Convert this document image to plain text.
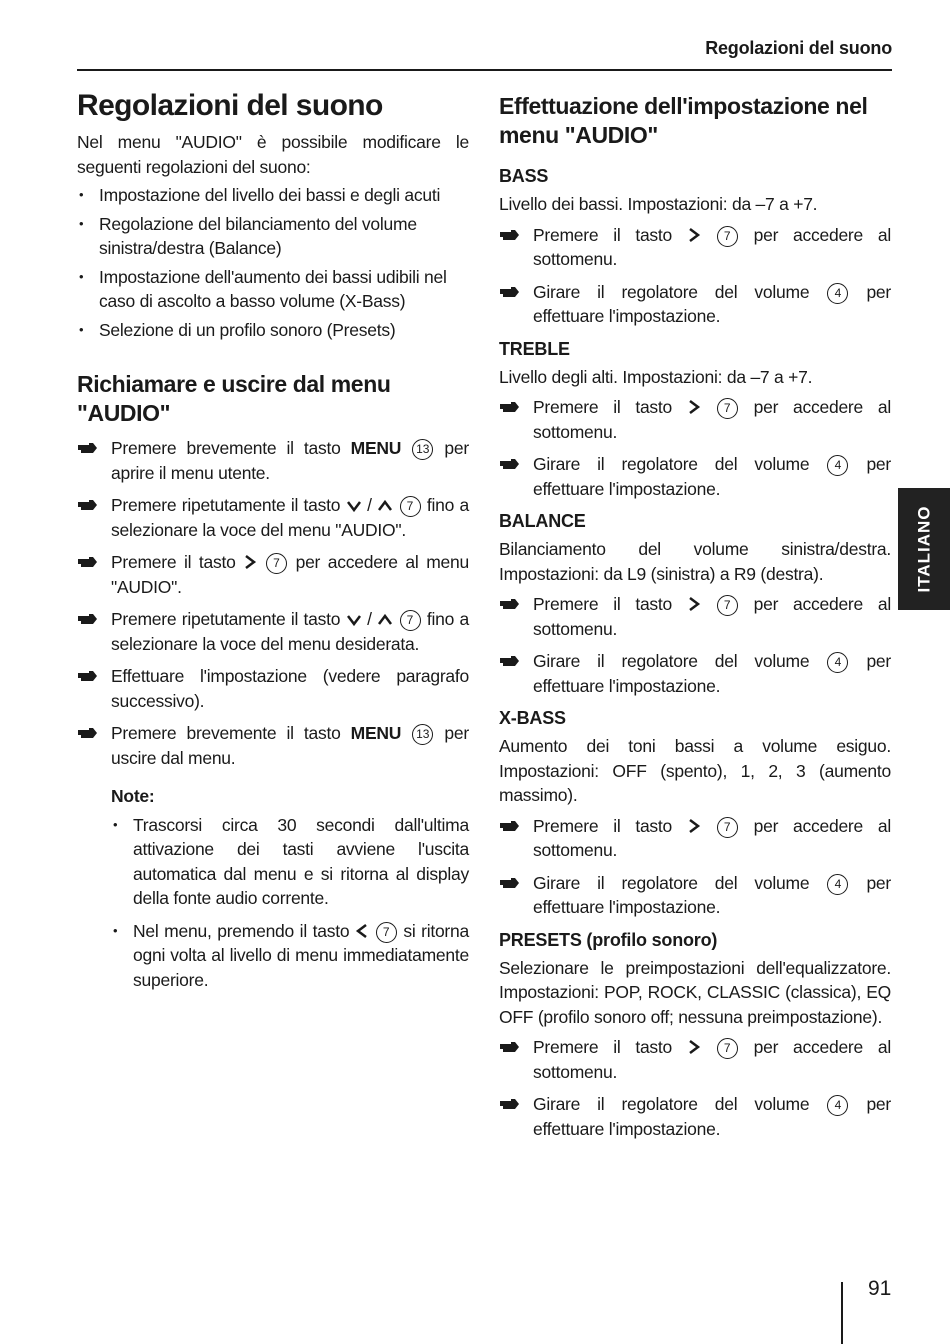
Regolazioni del suono
Regolazioni del suono

Nel menu "AUDIO" è possibile modificare le seguenti regolazioni del suono:

• Impostazione del livello dei bassi e degli acuti
• Regolazione del bilanciamento del volume sinistra/destra (Balance)
• Impostazione dell'aumento dei bassi udibili nel caso di ascolto a basso volume (X-Bass)
• Selezione di un profilo sonoro (Presets)
Richiamare e uscire dal menu "AUDIO"
Premere brevemente il tasto MENU 13 per aprire il menu utente.
Premere ripetutamente il tasto /	7 fino a selezionare la voce del menu "AUDIO".
Premere il tasto	7 per accedere al menu "AUDIO".
Premere ripetutamente il tasto /	7 fino a selezionare la voce del menu desiderata.
Effettuare l'impostazione (vedere paragrafo successivo).
Premere brevemente il tasto MENU 13 per uscire dal menu.
Note:
• Trascorsi circa 30 secondi dall'ultima attivazione dei tasti avviene l'uscita automatica dal menu e si ritorna al display della fonte audio corrente.
• Nel menu, premendo il tasto	7 si ritorna ogni volta al livello di menu immediatamente superiore.
Effettuazione dell'impostazione nel menu "AUDIO"
BASS

Livello dei bassi. Impostazioni: da –7 a +7.

Premere il tasto	7 per accedere al sottomenu.
Girare il regolatore del volume 4 per effettuare l'impostazione.
TREBLE

Livello degli alti. Impostazioni: da –7 a +7.

Premere il tasto	7 per accedere al sottomenu.
Girare il regolatore del volume 4 per effettuare l'impostazione.
BALANCE

Bilanciamento del volume sinistra/destra. Impostazioni: da L9 (sinistra) a R9 (destra).

Premere il tasto	7 per accedere al sottomenu.
Girare il regolatore del volume 4 per effettuare l'impostazione.
X-BASS

Aumento dei toni bassi a volume esiguo. Impostazioni: OFF (spento), 1, 2, 3 (aumento massimo).

Premere il tasto	7 per accedere al sottomenu.
Girare il regolatore del volume 4 per effettuare l'impostazione.
PRESETS (profilo sonoro)

Selezionare le preimpostazioni dell'equalizzatore. Impostazioni: POP, ROCK, CLASSIC (classica), EQ OFF (profilo sonoro off; nessuna preimpostazione).

Premere il tasto	7 per accedere al sottomenu.
Girare il regolatore del volume 4 per effettuare l'impostazione.
ITALIANO
91
